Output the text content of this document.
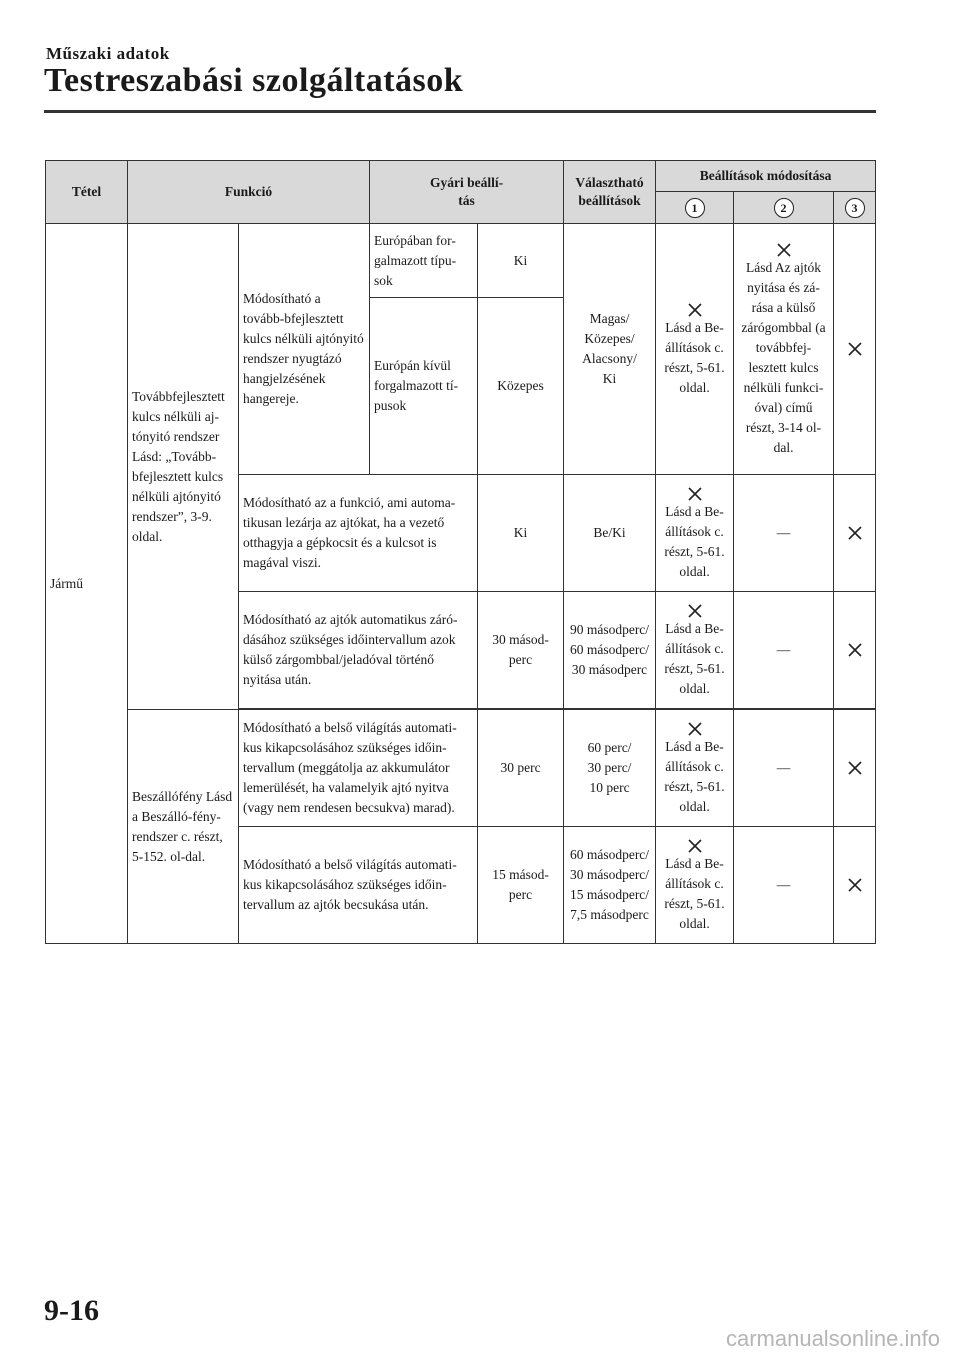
Műszaki adatok
Testreszabási szolgáltatások
Tétel	Funkció		Gyári beállí-tás		Választható beállítások	Beállítások módosítása		
						1	2	3
Jármű	Továbbfejlesztett kulcs nélküli aj-tónyitó rendszer Lásd: „Tovább-bfejlesztett kulcs nélküli ajtónyitó rendszer”, 3-9. oldal.	Módosítható a tovább-bfejlesztett kulcs nélküli ajtónyitó rendszer nyugtázó hangjelzésének hangereje.	Európában for-galmazott típu-sok	Ki	Magas/ Közepes/ Alacsony/ Ki	Lásd a Be-állítások c. részt, 5-61. oldal.	Lásd Az ajtók nyitása és zá-rása a külső zárógombbal (a továbbfej-lesztett kulcs nélküli funkci-óval) című részt, 3-14 ol-dal.	

			Európán kívül forgalmazott tí-pusok	Közepes				
		Módosítható az a funkció, ami automa-tikusan lezárja az ajtókat, ha a vezető otthagyja a gépkocsit és a kulcsot is magával viszi.		Ki	Be/Ki	Lásd a Be-állítások c. részt, 5-61. oldal.	—	

		Módosítható az ajtók automatikus záró-dásához szükséges időintervallum azok külső zárgombbal/jeladóval történő nyitása után.		30 másod-perc	90 másodperc/ 60 másodperc/ 30 másodperc	Lásd a Be-állítások c. részt, 5-61. oldal.	—	

	Beszállófény Lásd a Beszálló-fény-rendszer c. részt, 5-152. ol-dal.	Módosítható a belső világítás automati-kus kikapcsolásához szükséges időin-tervallum (meggátolja az akkumulátor lemerülését, ha valamelyik ajtó nyitva (vagy nem rendesen becsukva) marad).		30 perc	60 perc/ 30 perc/ 10 perc	Lásd a Be-állítások c. részt, 5-61. oldal.	—	

		Módosítható a belső világítás automati-kus kikapcsolásához szükséges időin-tervallum az ajtók becsukása után.		15 másod-perc	60 másodperc/ 30 másodperc/ 15 másodperc/ 7,5 másodperc	Lásd a Be-állítások c. részt, 5-61. oldal.	—	
9-16
carmanualsonline.info
